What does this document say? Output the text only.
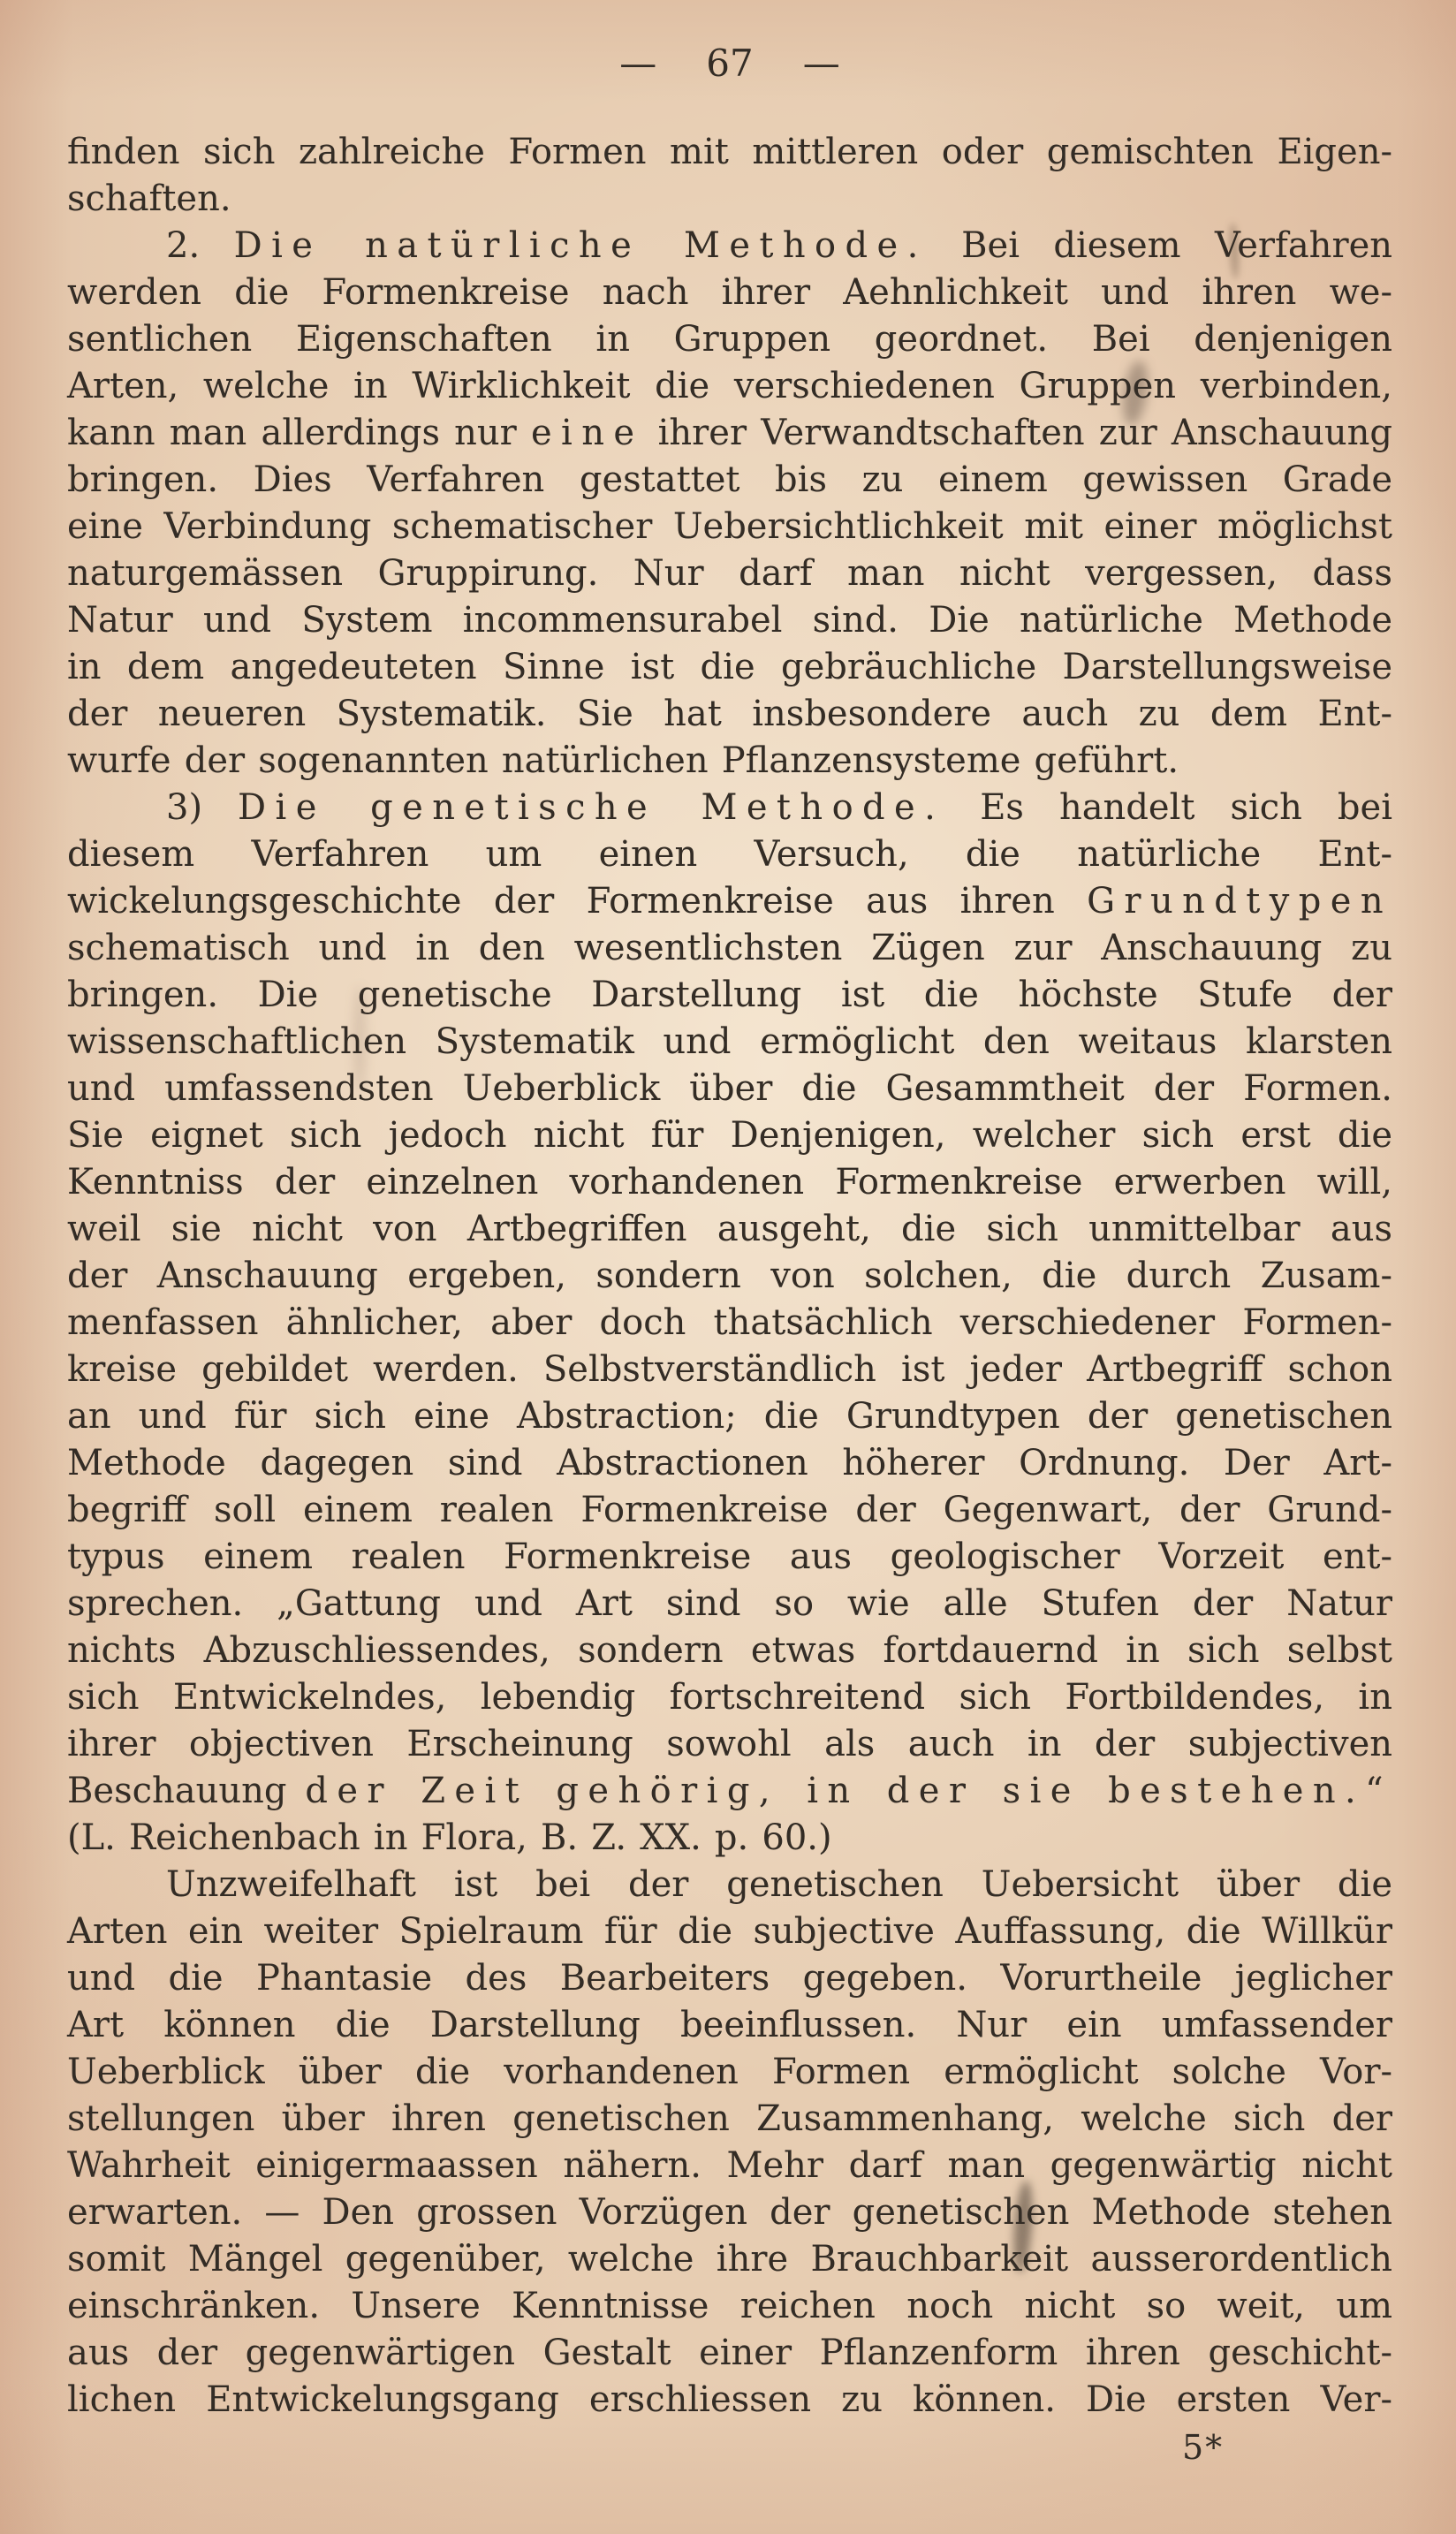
— 67 —
finden sich zahlreiche Formen mit mittleren oder gemischten Eigen-
schaften.
2. Die natürliche Methode. Bei diesem Verfahren
werden die Formenkreise nach ihrer Aehnlichkeit und ihren we-
sentlichen Eigenschaften in Gruppen geordnet. Bei denjenigen
Arten, welche in Wirklichkeit die verschiedenen Gruppen verbinden,
kann man allerdings nur eine ihrer Verwandtschaften zur Anschauung
bringen. Dies Verfahren gestattet bis zu einem gewissen Grade
eine Verbindung schematischer Uebersichtlichkeit mit einer möglichst
naturgemässen Gruppirung. Nur darf man nicht vergessen, dass
Natur und System incommensurabel sind. Die natürliche Methode
in dem angedeuteten Sinne ist die gebräuchliche Darstellungsweise
der neueren Systematik. Sie hat insbesondere auch zu dem Ent-
wurfe der sogenannten natürlichen Pflanzensysteme geführt.
3) Die genetische Methode. Es handelt sich bei
diesem Verfahren um einen Versuch, die natürliche Ent-
wickelungsgeschichte der Formenkreise aus ihren Grundtypen
schematisch und in den wesentlichsten Zügen zur Anschauung zu
bringen. Die genetische Darstellung ist die höchste Stufe der
wissenschaftlichen Systematik und ermöglicht den weitaus klarsten
und umfassendsten Ueberblick über die Gesammtheit der Formen.
Sie eignet sich jedoch nicht für Denjenigen, welcher sich erst die
Kenntniss der einzelnen vorhandenen Formenkreise erwerben will,
weil sie nicht von Artbegriffen ausgeht, die sich unmittelbar aus
der Anschauung ergeben, sondern von solchen, die durch Zusam-
menfassen ähnlicher, aber doch thatsächlich verschiedener Formen-
kreise gebildet werden. Selbstverständlich ist jeder Artbegriff schon
an und für sich eine Abstraction; die Grundtypen der genetischen
Methode dagegen sind Abstractionen höherer Ordnung. Der Art-
begriff soll einem realen Formenkreise der Gegenwart, der Grund-
typus einem realen Formenkreise aus geologischer Vorzeit ent-
sprechen. „Gattung und Art sind so wie alle Stufen der Natur
nichts Abzuschliessendes, sondern etwas fortdauernd in sich selbst
sich Entwickelndes, lebendig fortschreitend sich Fortbildendes, in
ihrer objectiven Erscheinung sowohl als auch in der subjectiven
Beschauung der Zeit gehörig, in der sie bestehen.“
(L. Reichenbach in Flora, B. Z. XX. p. 60.)
Unzweifelhaft ist bei der genetischen Uebersicht über die
Arten ein weiter Spielraum für die subjective Auffassung, die Willkür
und die Phantasie des Bearbeiters gegeben. Vorurtheile jeglicher
Art können die Darstellung beeinflussen. Nur ein umfassender
Ueberblick über die vorhandenen Formen ermöglicht solche Vor-
stellungen über ihren genetischen Zusammenhang, welche sich der
Wahrheit einigermaassen nähern. Mehr darf man gegenwärtig nicht
erwarten. — Den grossen Vorzügen der genetischen Methode stehen
somit Mängel gegenüber, welche ihre Brauchbarkeit ausserordentlich
einschränken. Unsere Kenntnisse reichen noch nicht so weit, um
aus der gegenwärtigen Gestalt einer Pflanzenform ihren geschicht-
lichen Entwickelungsgang erschliessen zu können. Die ersten Ver-
5*
